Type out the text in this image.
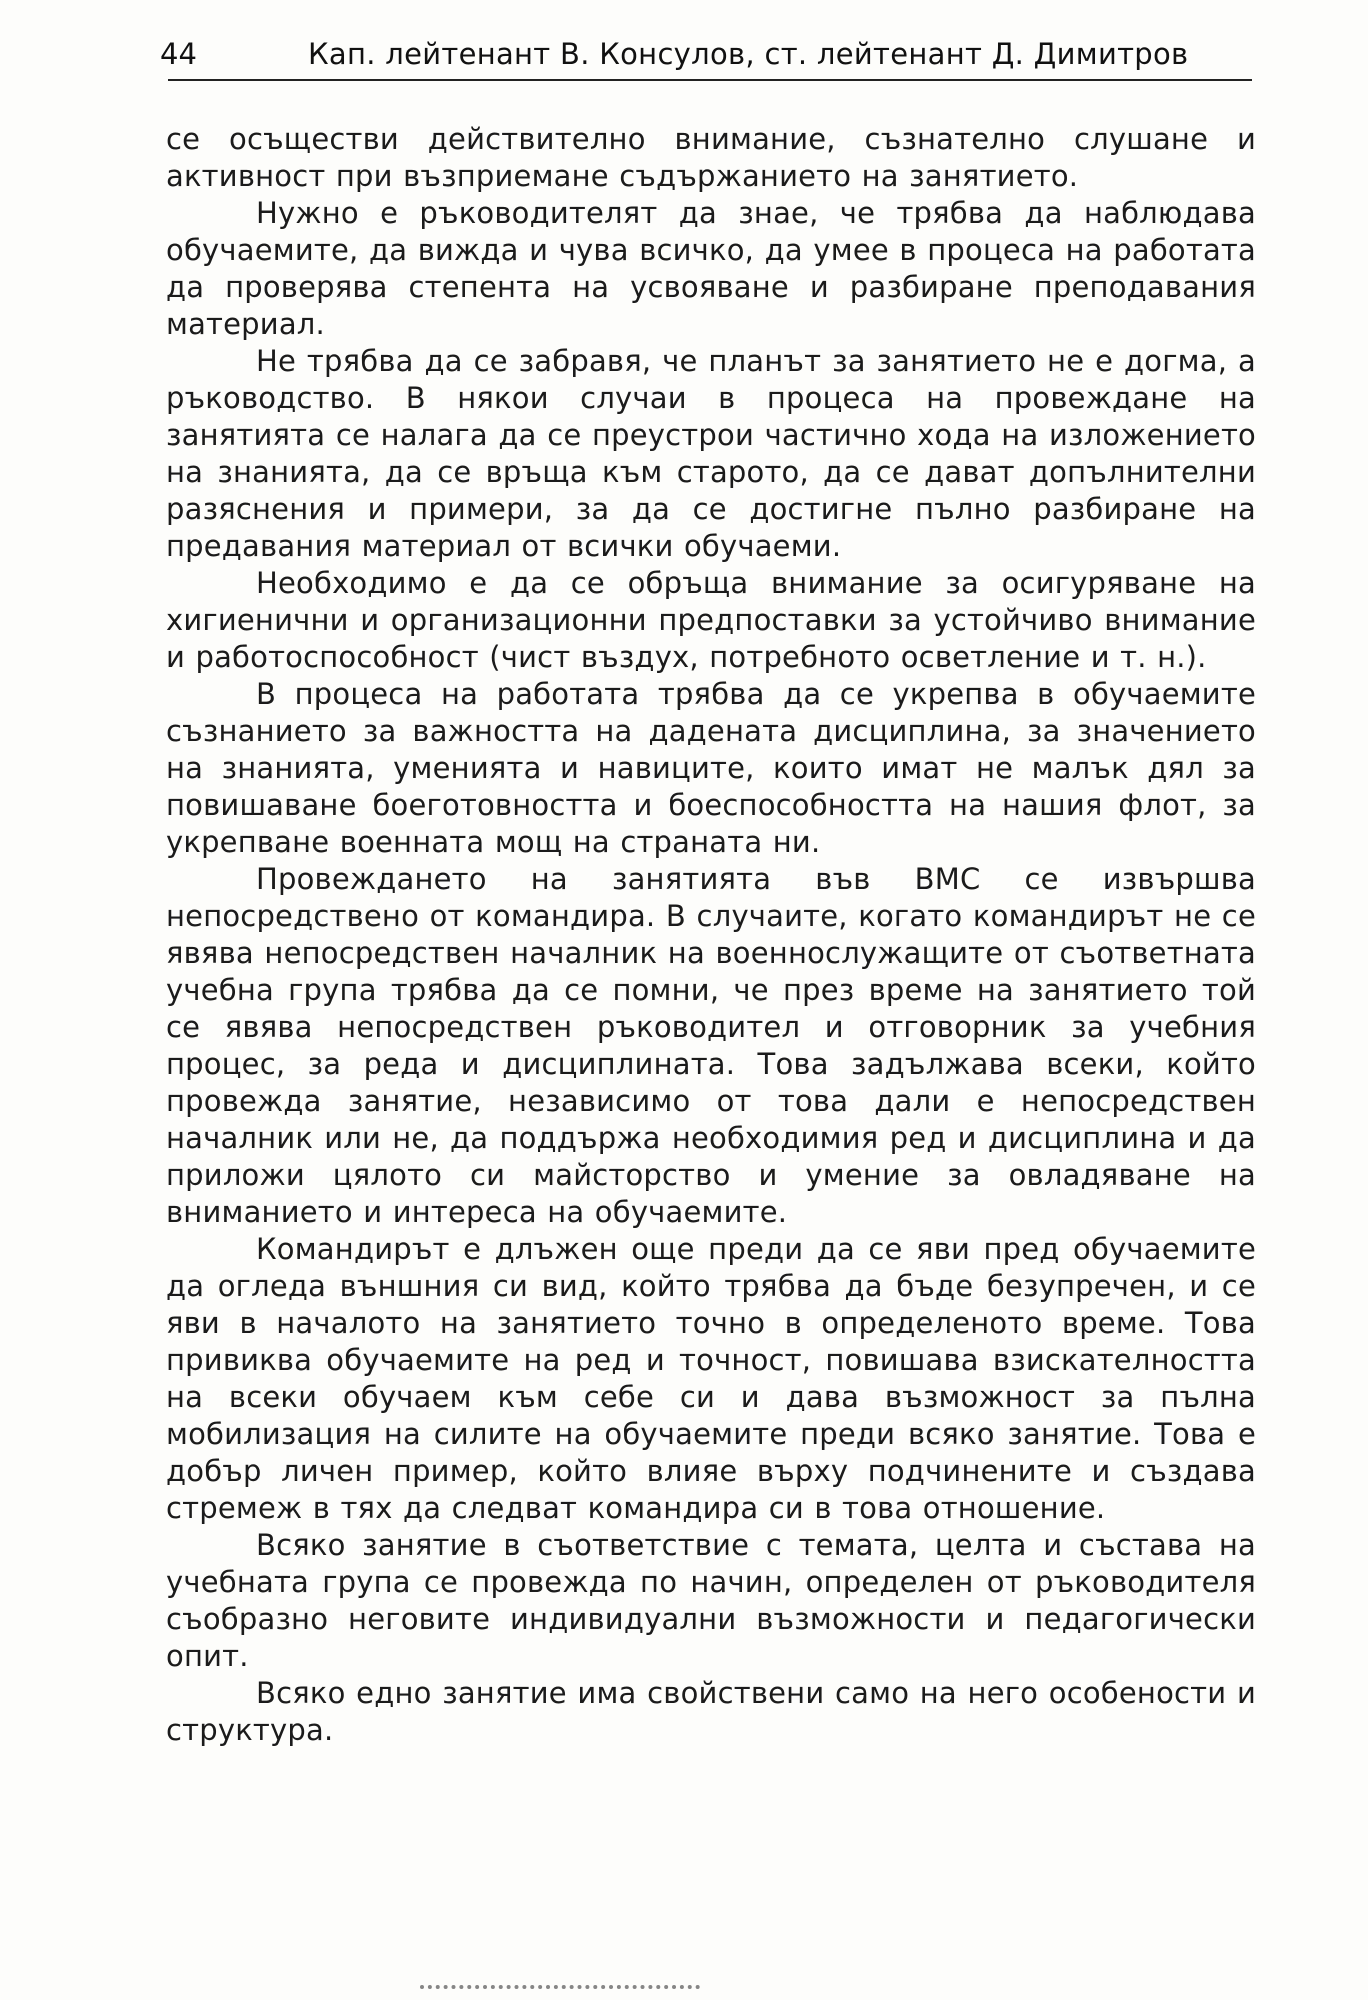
44	Кап. лейтенант В. Консулов, ст. лейтенант Д. Димитров

се осъществи действително внимание, съзнателно слушане и активност при възприемане съдържанието на занятието.

Нужно е ръководителят да знае, че трябва да наблюдава обучаемите, да вижда и чува всичко, да умее в процеса на работата да проверява степента на усвояване и разбиране преподавания материал.

Не трябва да се забравя, че планът за занятието не е догма, а ръководство. В някои случаи в процеса на провеждане на занятията се налага да се преустрои частично хода на изложението на знанията, да се връща към старото, да се дават допълнителни разяснения и примери, за да се достигне пълно разбиране на предавания материал от всички обучаеми.

Необходимо е да се обръща внимание за осигуряване на хигиенични и организационни предпоставки за устойчиво внимание и работоспособност (чист въздух, потребното осветление и т. н.).

В процеса на работата трябва да се укрепва в обучаемите съзнанието за важността на дадената дисциплина, за значението на знанията, уменията и навиците, които имат не малък дял за повишаване боеготовността и боеспособността на нашия флот, за укрепване военната мощ на страната ни.

Провеждането на занятията във ВМС се извършва непосредствено от командира. В случаите, когато командирът не се явява непосредствен началник на военнослужащите от съответната учебна група трябва да се помни, че през време на занятието той се явява непосредствен ръководител и отговорник за учебния процес, за реда и дисциплината. Това задължава всеки, който провежда занятие, независимо от това дали е непосредствен началник или не, да поддържа необходимия ред и дисциплина и да приложи цялото си майсторство и умение за овладяване на вниманието и интереса на обучаемите.

Командирът е длъжен още преди да се яви пред обучаемите да огледа външния си вид, който трябва да бъде безупречен, и се яви в началото на занятието точно в определеното време. Това привиква обучаемите на ред и точност, повишава взискателността на всеки обучаем към себе си и дава възможност за пълна мобилизация на силите на обучаемите преди всяко занятие. Това е добър личен пример, който влияе върху подчинените и създава стремеж в тях да следват командира си в това отношение.

Всяко занятие в съответствие с темата, целта и състава на учебната група се провежда по начин, определен от ръководителя съобразно неговите индивидуални възможности и педагогически опит.

Всяко едно занятие има свойствени само на него особености и структура.
